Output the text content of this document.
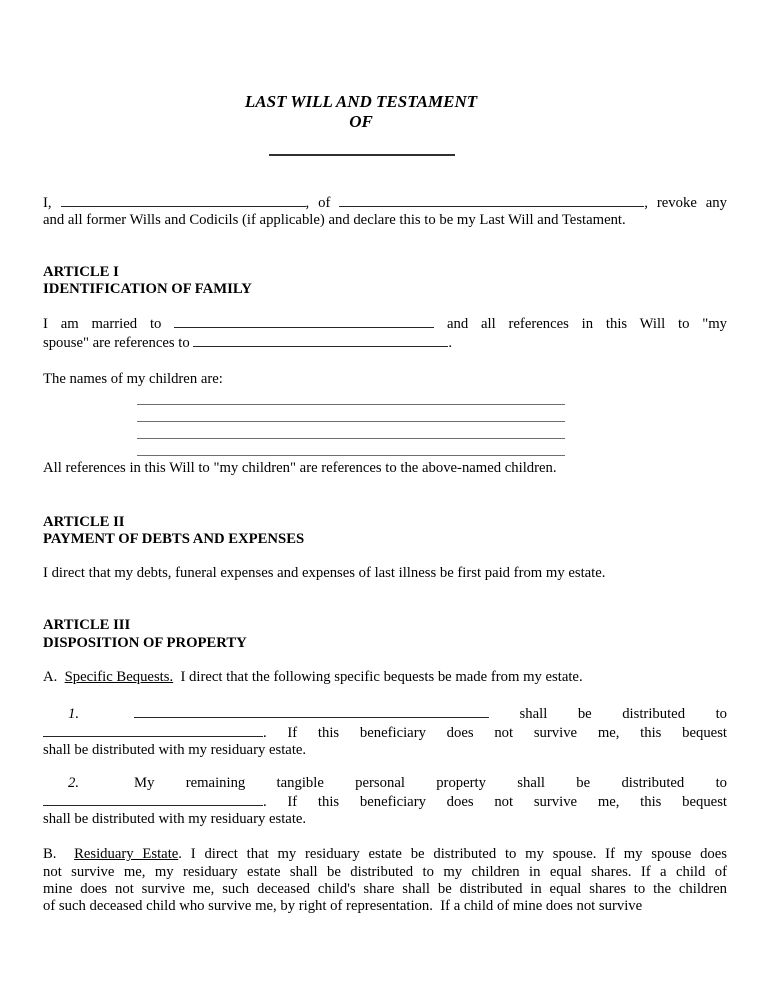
LAST WILL AND TESTAMENT
OF
I,	, of	, revoke any
and all former Wills and Codicils (if applicable) and declare this to be my Last Will and Testament.
ARTICLE I
IDENTIFICATION OF FAMILY
I am married to	and all references in this Will to "my
spouse" are references to	.
The names of my children are:
All references in this Will to "my children" are references to the above-named children.
ARTICLE II
PAYMENT OF DEBTS AND EXPENSES
I direct that my debts, funeral expenses and expenses of last illness be first paid from my estate.
ARTICLE III
DISPOSITION OF PROPERTY
A.  Specific Bequests.  I direct that the following specific bequests be made from my estate.
1.	shall be distributed to
. If this beneficiary does not survive me, this bequest
shall be distributed with my residuary estate.
2.	My remaining tangible personal property shall be distributed to
. If this beneficiary does not survive me, this bequest
shall be distributed with my residuary estate.
B.  Residuary Estate. I direct that my residuary estate be distributed to my spouse. If my spouse does
not survive me, my residuary estate shall be distributed to my children in equal shares. If a child of
mine does not survive me, such deceased child's share shall be distributed in equal shares to the children
of such deceased child who survive me, by right of representation.  If a child of mine does not survive
